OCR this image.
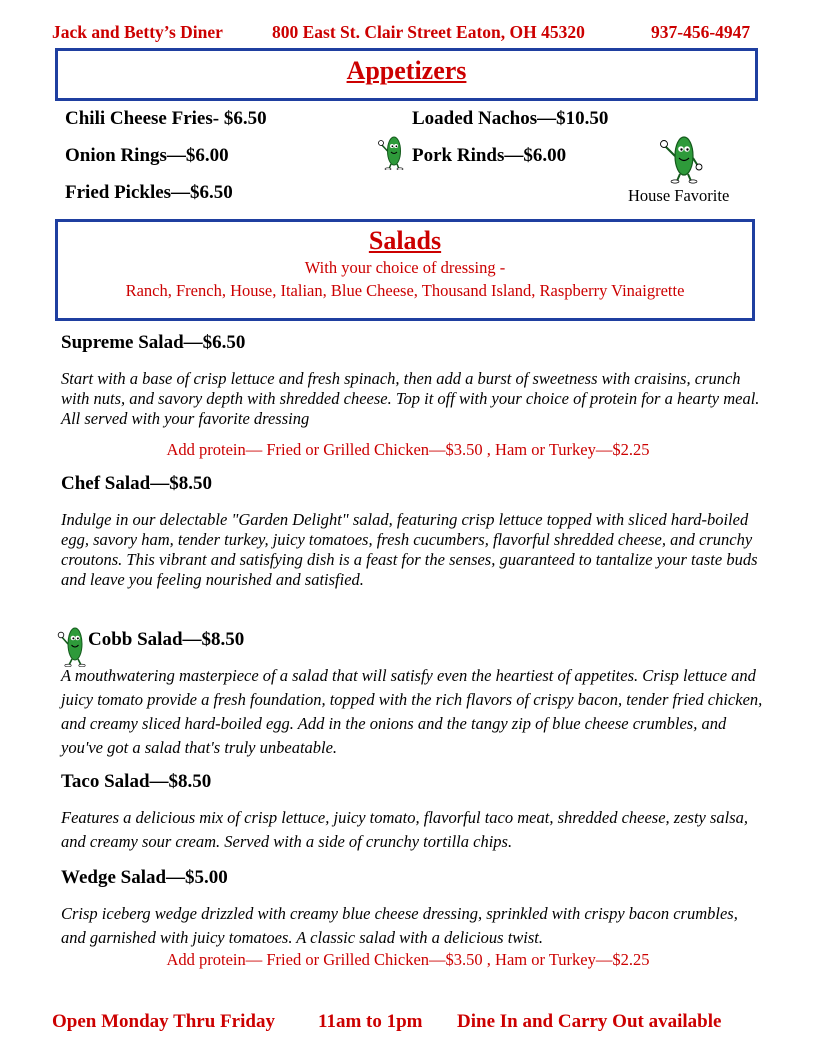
Jack and Betty’s Diner	800 East St. Clair Street Eaton, OH 45320	937-456-4947
Appetizers
Chili Cheese Fries- $6.50
Onion Rings—$6.00
Fried Pickles—$6.50
Loaded Nachos—$10.50
Pork Rinds—$6.00
House Favorite
Salads
With your choice of dressing -
Ranch, French, House, Italian, Blue Cheese, Thousand Island, Raspberry Vinaigrette
Supreme Salad—$6.50
Start with a base of crisp lettuce and fresh spinach, then add a burst of sweetness with craisins, crunch with nuts, and savory depth with shredded cheese. Top it off with your choice of protein for a hearty meal. All served with your favorite dressing
Add protein— Fried or Grilled Chicken—$3.50 , Ham or Turkey—$2.25
Chef Salad—$8.50
Indulge in our delectable "Garden Delight" salad, featuring crisp lettuce topped with sliced hard-boiled egg, savory ham, tender turkey, juicy tomatoes, fresh cucumbers, flavorful shredded cheese, and crunchy croutons. This vibrant and satisfying dish is a feast for the senses, guaranteed to tantalize your taste buds and leave you feeling nourished and satisfied.
Cobb Salad—$8.50
A mouthwatering masterpiece of a salad that will satisfy even the heartiest of appetites. Crisp lettuce and juicy tomato provide a fresh foundation, topped with the rich flavors of crispy bacon, tender fried chicken, and creamy sliced hard-boiled egg. Add in the onions and the tangy zip of blue cheese crumbles, and you've got a salad that's truly unbeatable.
Taco Salad—$8.50
Features a delicious mix of crisp lettuce, juicy tomato, flavorful taco meat, shredded cheese, zesty salsa, and creamy sour cream. Served with a side of crunchy tortilla chips.
Wedge Salad—$5.00
Crisp iceberg wedge drizzled with creamy blue cheese dressing, sprinkled with crispy bacon crumbles, and garnished with juicy tomatoes. A classic salad with a delicious twist.
Add protein— Fried or Grilled Chicken—$3.50 , Ham or Turkey—$2.25
Open Monday Thru Friday 11am to 1pm Dine In and Carry Out available
